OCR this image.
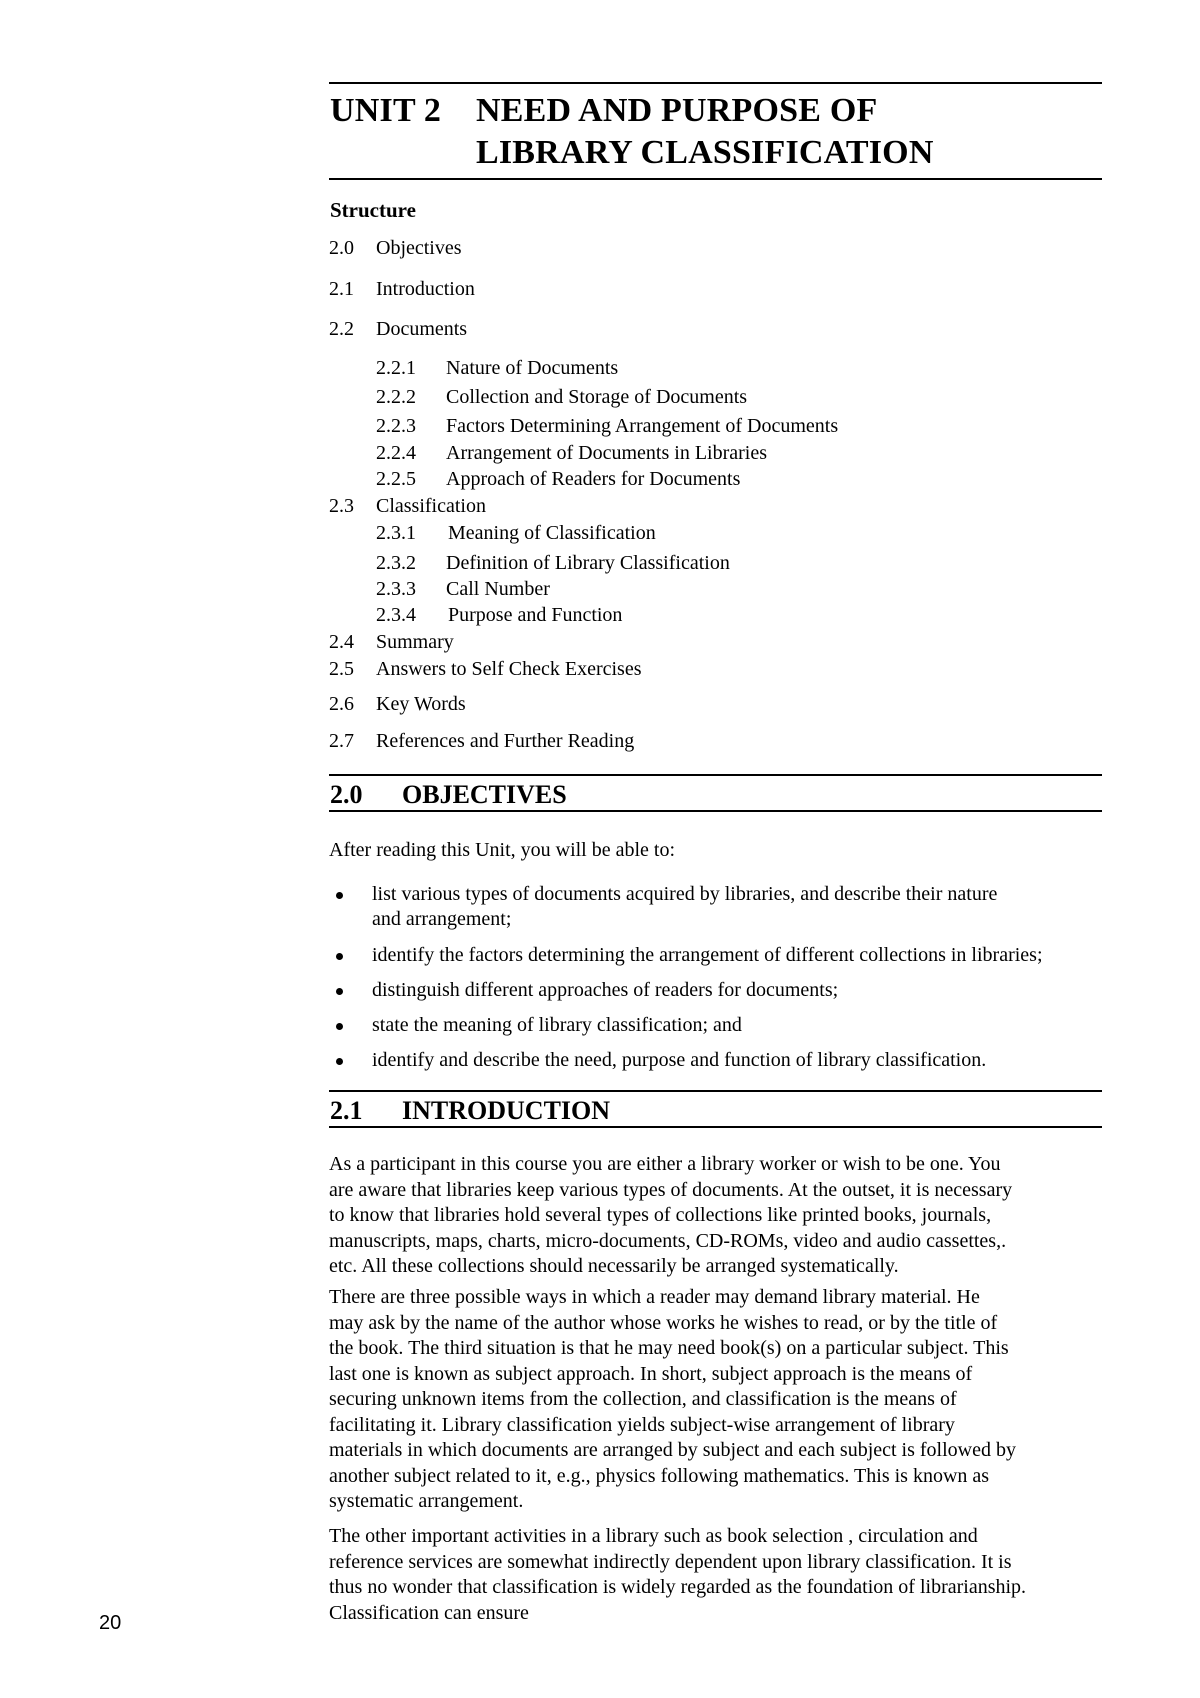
UNIT 2 NEED AND PURPOSE OF
LIBRARY CLASSIFICATION
Structure
2.0 Objectives
2.1 Introduction
2.2 Documents
2.2.1 Nature of Documents
2.2.2 Collection and Storage of Documents
2.2.3 Factors Determining Arrangement of Documents
2.2.4 Arrangement of Documents in Libraries
2.2.5 Approach of Readers for Documents
2.3 Classification
2.3.1 Meaning of Classification
2.3.2 Definition of Library Classification
2.3.3 Call Number
2.3.4 Purpose and Function
2.4 Summary
2.5 Answers to Self Check Exercises
2.6 Key Words
2.7 References and Further Reading
2.0 OBJECTIVES
After reading this Unit, you will be able to:
list various types of documents acquired by libraries, and describe their nature
and arrangement;
identify the factors determining the arrangement of different collections in libraries;
distinguish different approaches of readers for documents;
state the meaning of library classification; and
identify and describe the need, purpose and function of library classification.
2.1 INTRODUCTION
As a participant in this course you are either a library worker or wish to be one. You
are aware that libraries keep various types of documents. At the outset, it is necessary
to know that libraries hold several types of collections like printed books, journals,
manuscripts, maps, charts, micro-documents, CD-ROMs, video and audio cassettes,.
etc. All these collections should necessarily be arranged systematically.
There are three possible ways in which a reader may demand library material. He
may ask by the name of the author whose works he wishes to read, or by the title of
the book. The third situation is that he may need book(s) on a particular subject. This
last one is known as subject approach. In short, subject approach is the means of
securing unknown items from the collection, and classification is the means of
facilitating it. Library classification yields subject-wise arrangement of library
materials in which documents are arranged by subject and each subject is followed by
another subject related to it, e.g., physics following mathematics. This is known as
systematic arrangement.
The other important activities in a library such as book selection , circulation and
reference services are somewhat indirectly dependent upon library classification. It is
thus no wonder that classification is widely regarded as the foundation of librarianship.
Classification can ensure
20
